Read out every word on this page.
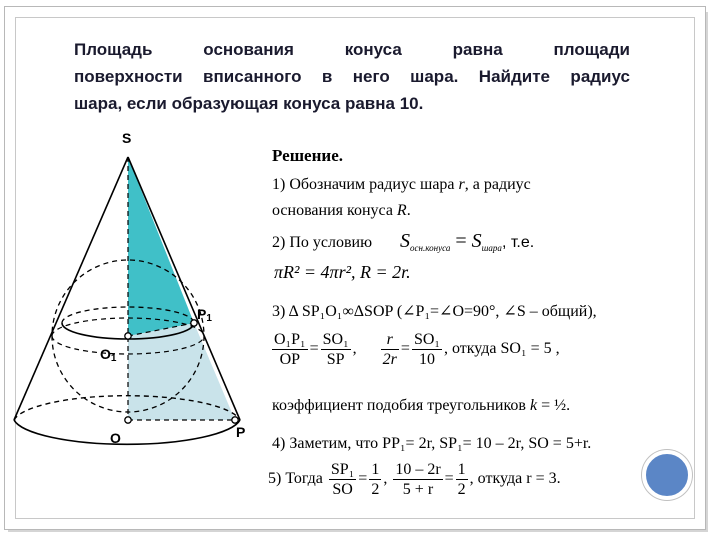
Площадь основания конуса равна площади
поверхности вписанного в него шара. Найдите радиус
шара, если образующая конуса равна 10.
S
P1
O1
O	P
Решение.
1) Обозначим радиус шара r, а радиус
основания конуса R.
2) По условию $S_{осн.конуса} = S_{шара}$, т.е.
πR² = 4πr², R = 2r.
3) Δ SP₁O₁∞ΔSOP (∠P₁=∠O=90°, ∠S – общий),
$\frac{\text{O₁P₁}}{OP} = \frac{\text{SO₁}}{SP}$ , $\frac{r}{2r} = \frac{\text{SO₁}}{10}$ , откуда SO₁ = 5 ,
коэффициент подобия треугольников k = ½.
4) Заметим, что PP₁= 2r, SP₁= 10 – 2r, SO = 5+r.
5) Тогда $\frac{\text{SP₁}}{SO} = \frac{1}{2}$ , $\frac{10 - 2r}{5 + r} = \frac{1}{2}$ , откуда r = 3.
